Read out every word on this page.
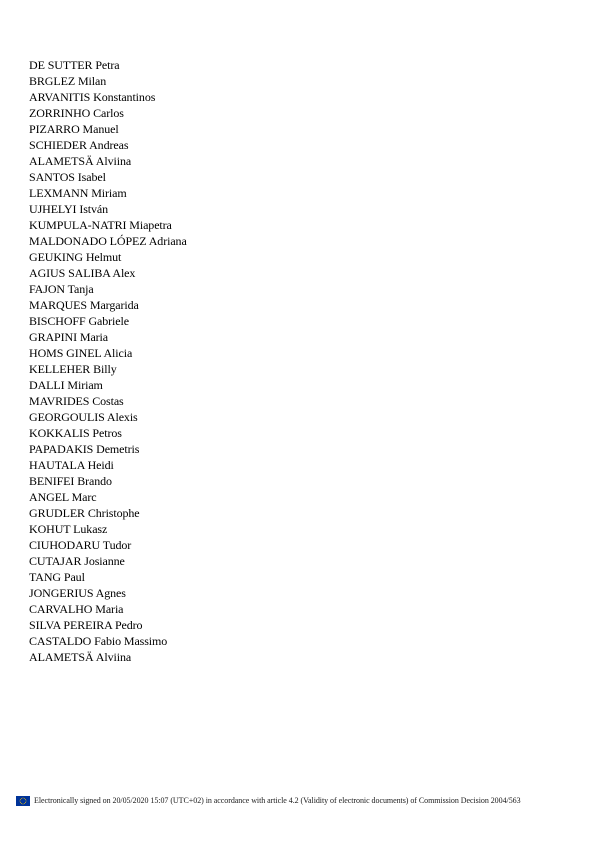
DE SUTTER Petra
BRGLEZ Milan
ARVANITIS Konstantinos
ZORRINHO Carlos
PIZARRO Manuel
SCHIEDER Andreas
ALAMETSÄ Alviina
SANTOS Isabel
LEXMANN Miriam
UJHELYI István
KUMPULA-NATRI Miapetra
MALDONADO LÓPEZ Adriana
GEUKING Helmut
AGIUS SALIBA Alex
FAJON Tanja
MARQUES Margarida
BISCHOFF Gabriele
GRAPINI Maria
HOMS GINEL Alicia
KELLEHER Billy
DALLI Miriam
MAVRIDES Costas
GEORGOULIS Alexis
KOKKALIS Petros
PAPADAKIS Demetris
HAUTALA Heidi
BENIFEI Brando
ANGEL Marc
GRUDLER Christophe
KOHUT Lukasz
CIUHODARU Tudor
CUTAJAR Josianne
TANG Paul
JONGERIUS Agnes
CARVALHO Maria
SILVA PEREIRA Pedro
CASTALDO Fabio Massimo
ALAMETSÄ Alviina
Electronically signed on 20/05/2020 15:07 (UTC+02) in accordance with article 4.2 (Validity of electronic documents) of Commission Decision 2004/563
